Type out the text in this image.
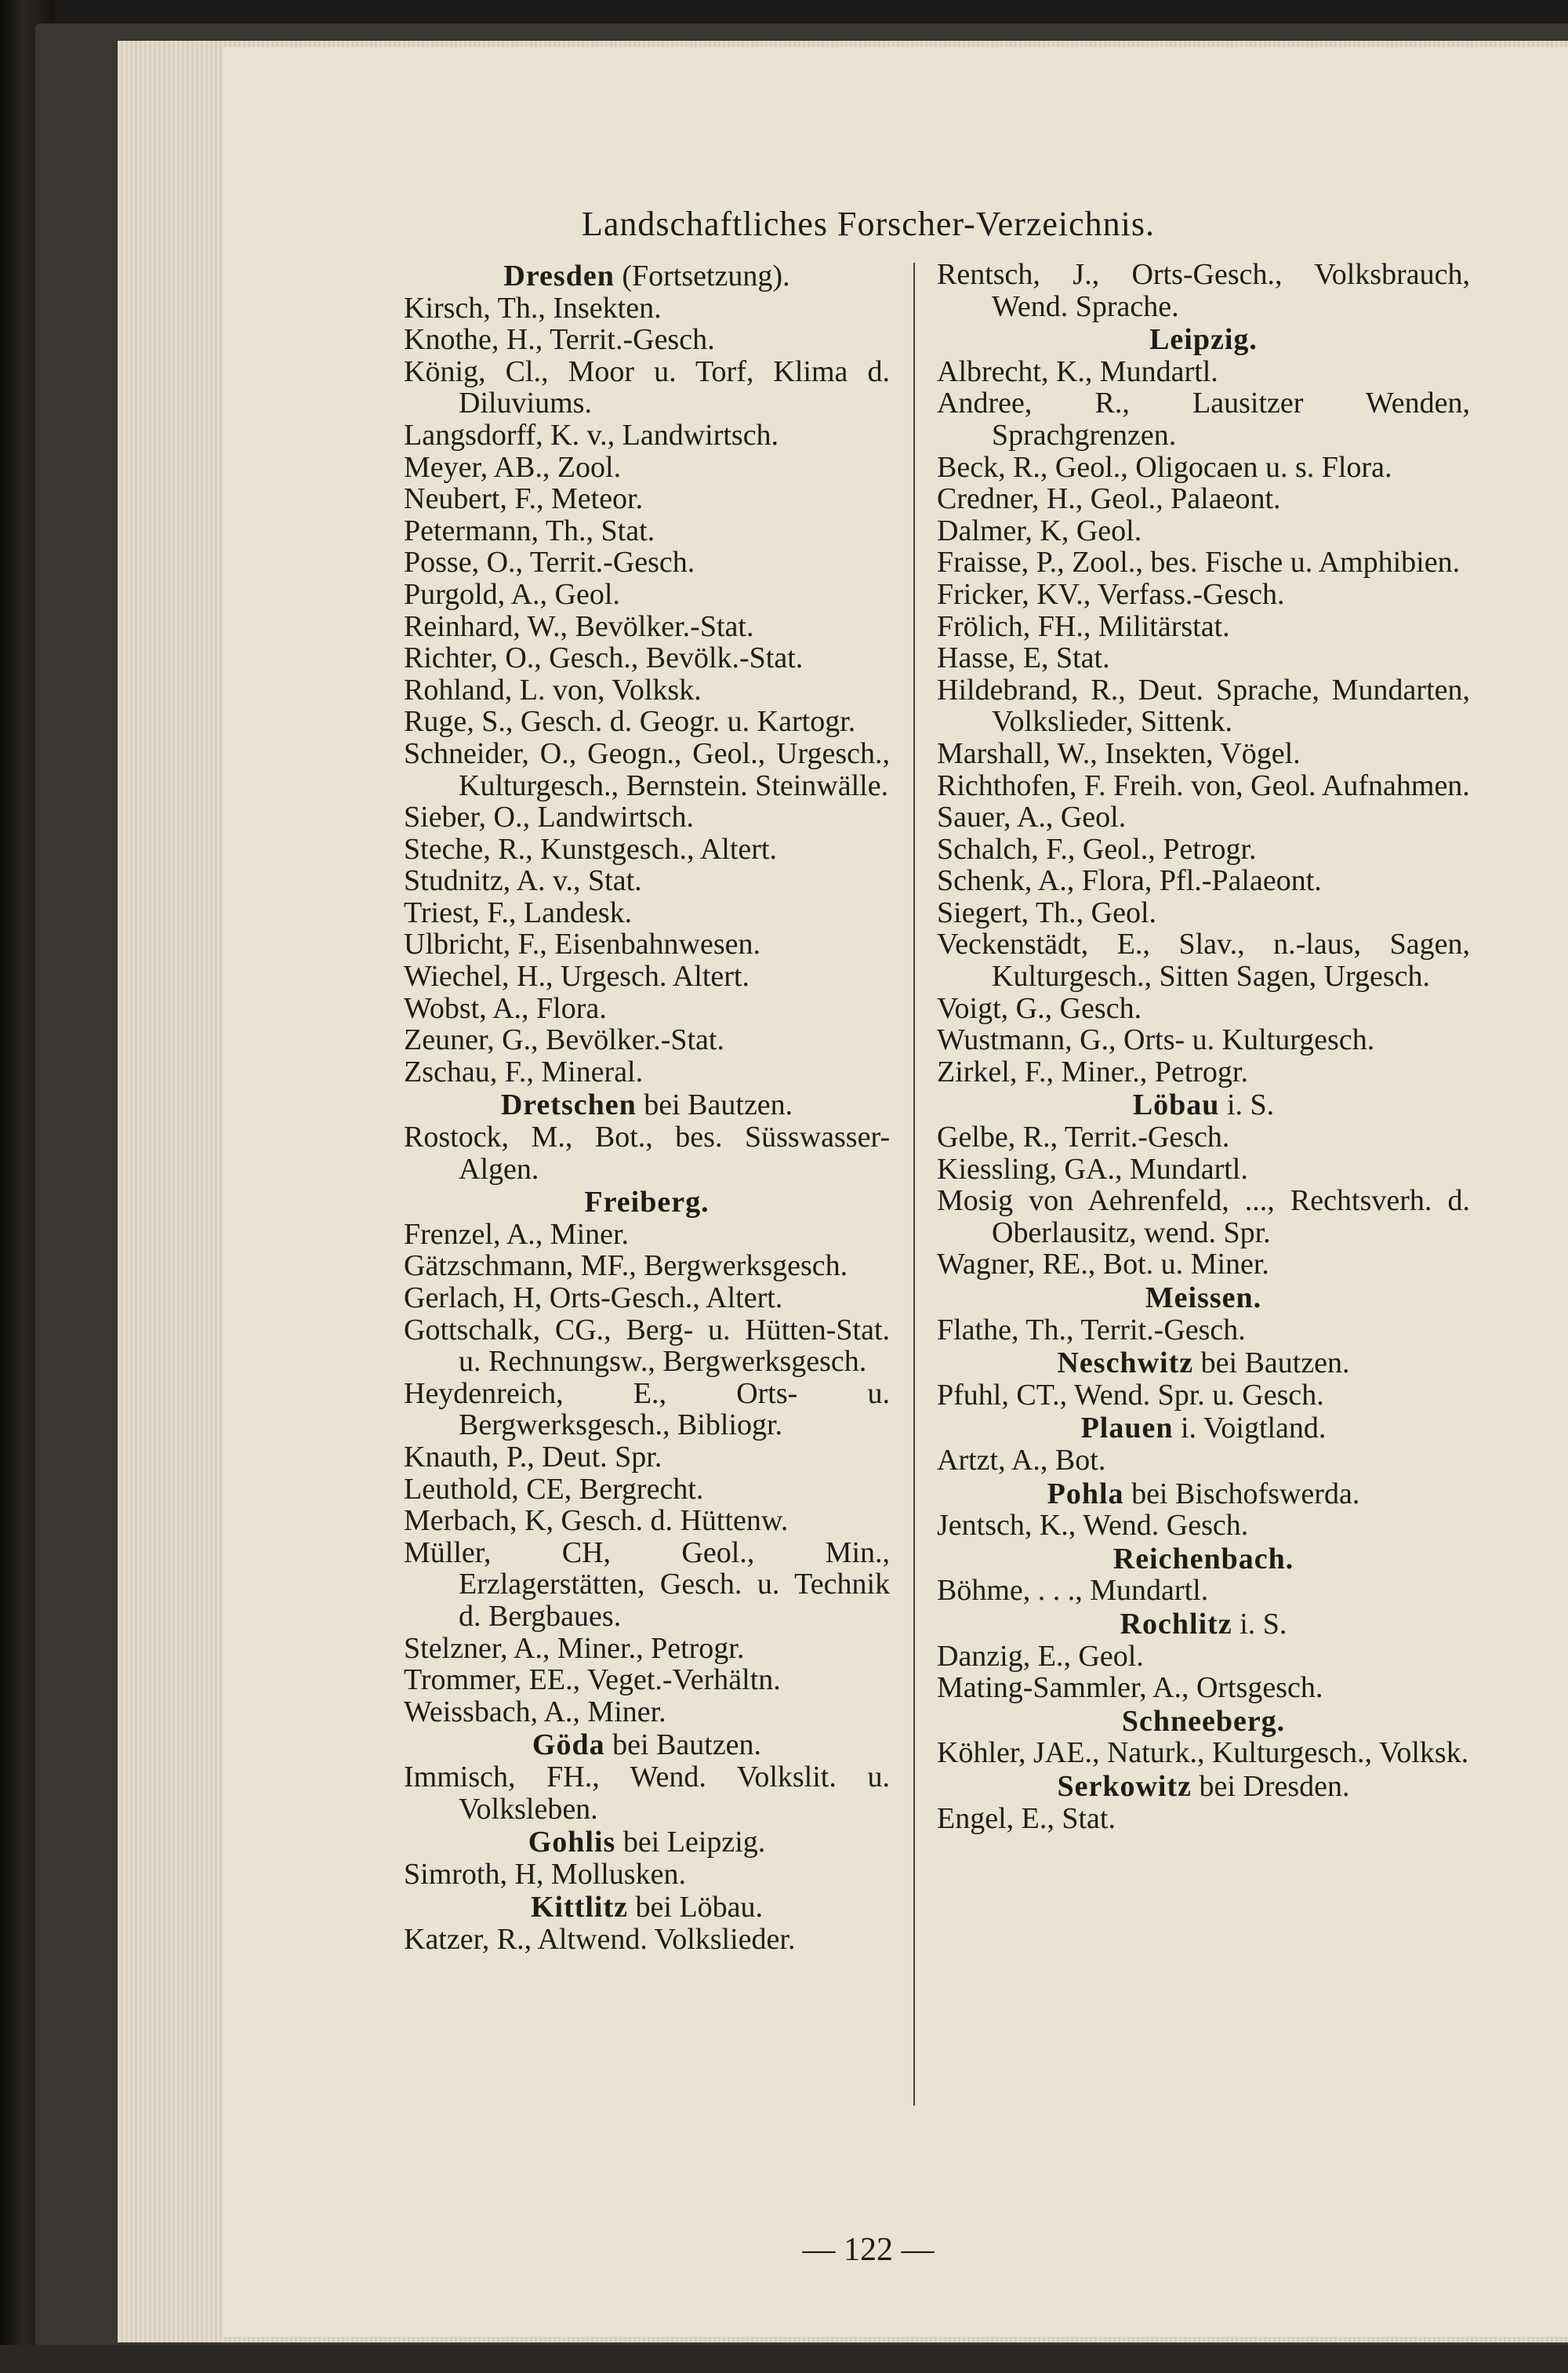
Landschaftliches Forscher-Verzeichnis.
Dresden (Fortsetzung).
Kirsch, Th., Insekten.
Knothe, H., Territ.-Gesch.
König, Cl., Moor u. Torf, Klima d. Diluviums.
Langsdorff, K. v., Landwirtsch.
Meyer, AB., Zool.
Neubert, F., Meteor.
Petermann, Th., Stat.
Posse, O., Territ.-Gesch.
Purgold, A., Geol.
Reinhard, W., Bevölker.-Stat.
Richter, O., Gesch., Bevölk.-Stat.
Rohland, L. von, Volksk.
Ruge, S., Gesch. d. Geogr. u. Kartogr.
Schneider, O., Geogn., Geol., Urgesch., Kulturgesch., Bernstein. Steinwälle.
Sieber, O., Landwirtsch.
Steche, R., Kunstgesch., Altert.
Studnitz, A. v., Stat.
Triest, F., Landesk.
Ulbricht, F., Eisenbahnwesen.
Wiechel, H., Urgesch. Altert.
Wobst, A., Flora.
Zeuner, G., Bevölker.-Stat.
Zschau, F., Mineral.
Dretschen bei Bautzen.
Rostock, M., Bot., bes. Süsswasser-Algen.
Freiberg.
Frenzel, A., Miner.
Gätzschmann, MF., Bergwerksgesch.
Gerlach, H, Orts-Gesch., Altert.
Gottschalk, CG., Berg- u. Hütten-Stat. u. Rechnungsw., Bergwerksgesch.
Heydenreich, E., Orts- u. Bergwerksgesch., Bibliogr.
Knauth, P., Deut. Spr.
Leuthold, CE, Bergrecht.
Merbach, K, Gesch. d. Hüttenw.
Müller, CH, Geol., Min., Erzlagerstätten, Gesch. u. Technik d. Bergbaues.
Stelzner, A., Miner., Petrogr.
Trommer, EE., Veget.-Verhältn.
Weissbach, A., Miner.
Göda bei Bautzen.
Immisch, FH., Wend. Volkslit. u. Volksleben.
Gohlis bei Leipzig.
Simroth, H, Mollusken.
Kittlitz bei Löbau.
Katzer, R., Altwend. Volkslieder.
Rentsch, J., Orts-Gesch., Volksbrauch, Wend. Sprache.
Leipzig.
Albrecht, K., Mundartl.
Andree, R., Lausitzer Wenden, Sprachgrenzen.
Beck, R., Geol., Oligocaen u. s. Flora.
Credner, H., Geol., Palaeont.
Dalmer, K, Geol.
Fraisse, P., Zool., bes. Fische u. Amphibien.
Fricker, KV., Verfass.-Gesch.
Frölich, FH., Militärstat.
Hasse, E, Stat.
Hildebrand, R., Deut. Sprache, Mundarten, Volkslieder, Sittenk.
Marshall, W., Insekten, Vögel.
Richthofen, F. Freih. von, Geol. Aufnahmen.
Sauer, A., Geol.
Schalch, F., Geol., Petrogr.
Schenk, A., Flora, Pfl.-Palaeont.
Siegert, Th., Geol.
Veckenstädt, E., Slav., n.-laus, Sagen, Kulturgesch., Sitten Sagen, Urgesch.
Voigt, G., Gesch.
Wustmann, G., Orts- u. Kulturgesch.
Zirkel, F., Miner., Petrogr.
Löbau i. S.
Gelbe, R., Territ.-Gesch.
Kiessling, GA., Mundartl.
Mosig von Aehrenfeld, ..., Rechtsverh. d. Oberlausitz, wend. Spr.
Wagner, RE., Bot. u. Miner.
Meissen.
Flathe, Th., Territ.-Gesch.
Neschwitz bei Bautzen.
Pfuhl, CT., Wend. Spr. u. Gesch.
Plauen i. Voigtland.
Artzt, A., Bot.
Pohla bei Bischofswerda.
Jentsch, K., Wend. Gesch.
Reichenbach.
Böhme, . . ., Mundartl.
Rochlitz i. S.
Danzig, E., Geol.
Mating-Sammler, A., Ortsgesch.
Schneeberg.
Köhler, JAE., Naturk., Kulturgesch., Volksk.
Serkowitz bei Dresden.
Engel, E., Stat.
— 122 —
